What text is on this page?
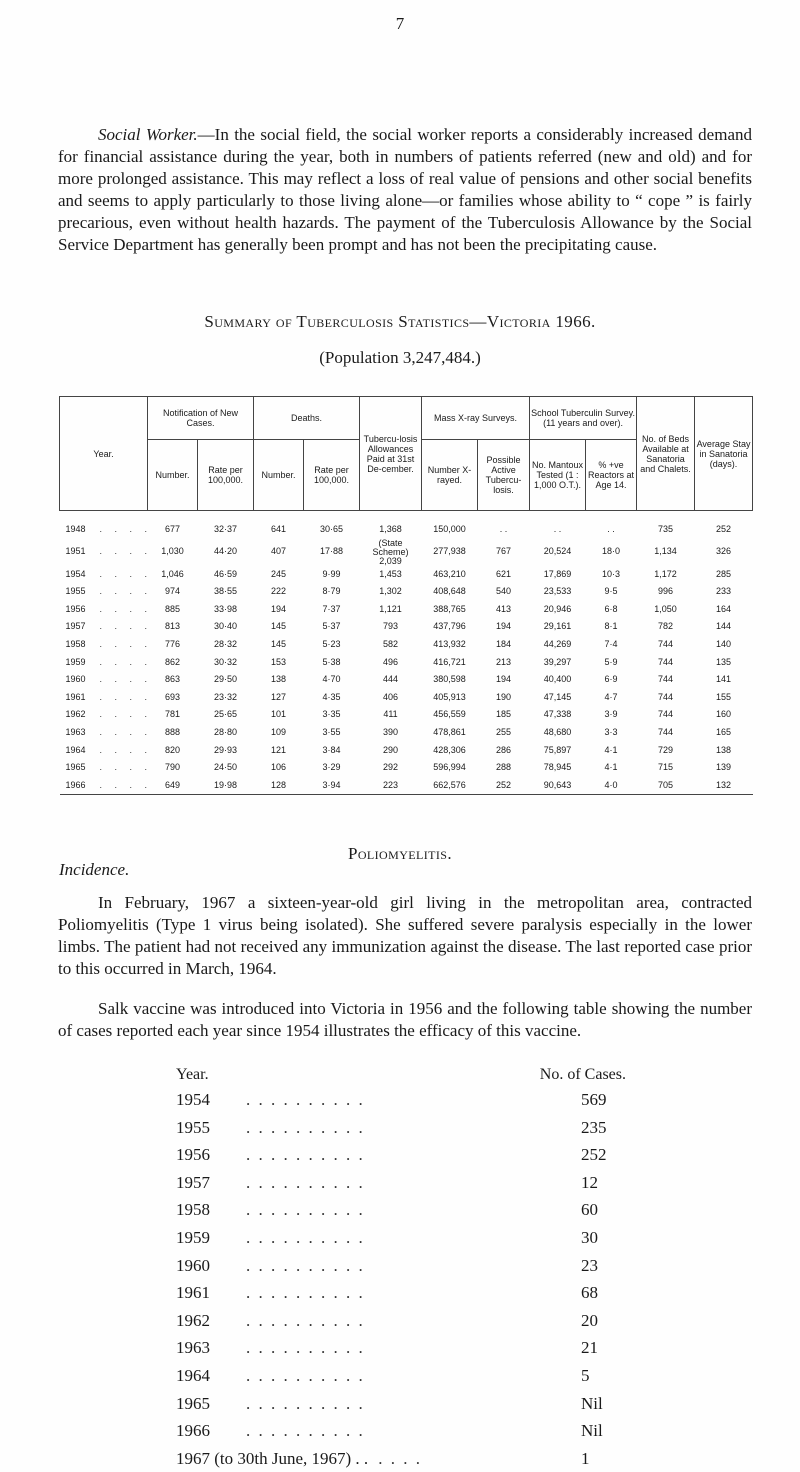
7

Social Worker.—In the social field, the social worker reports a considerably increased demand for financial assistance during the year, both in numbers of patients referred (new and old) and for more prolonged assistance. This may reflect a loss of real value of pensions and other social benefits and seems to apply particularly to those living alone—or families whose ability to “ cope ” is fairly precarious, even without health hazards. The payment of the Tuberculosis Allowance by the Social Service Department has generally been prompt and has not been the precipitating cause.

Summary of Tuberculosis Statistics—Victoria 1966.
(Population 3,247,484.)
Year.	Notification of New Cases.		Deaths.		Tubercu-losis Allowances Paid at 31st De-cember.	Mass X-ray Surveys.		School Tuberculin Survey. (11 years and over).		No. of Beds Available at Sanatoria and Chalets.	Average Stay in Sanatoria (days).
	Number.	Rate per 100,000.	Number.	Rate per 100,000.		Number X-rayed.	Possible Active Tubercu-losis.	No. Mantoux Tested (1 : 1,000 O.T.).	% +ve Reactors at Age 14.		
1948 . . . .	677	32·37	641	30·65	1,368	150,000	. .	. .	. .	735	252
1951 . . . .	1,030	44·20	407	17·88	(State Scheme) 2,039	277,938	767	20,524	18·0	1,134	326
1954 . . . .	1,046	46·59	245	9·99	1,453	463,210	621	17,869	10·3	1,172	285
1955 . . . .	974	38·55	222	8·79	1,302	408,648	540	23,533	9·5	996	233
1956 . . . .	885	33·98	194	7·37	1,121	388,765	413	20,946	6·8	1,050	164
1957 . . . .	813	30·40	145	5·37	793	437,796	194	29,161	8·1	782	144
1958 . . . .	776	28·32	145	5·23	582	413,932	184	44,269	7·4	744	140
1959 . . . .	862	30·32	153	5·38	496	416,721	213	39,297	5·9	744	135
1960 . . . .	863	29·50	138	4·70	444	380,598	194	40,400	6·9	744	141
1961 . . . .	693	23·32	127	4·35	406	405,913	190	47,145	4·7	744	155
1962 . . . .	781	25·65	101	3·35	411	456,559	185	47,338	3·9	744	160
1963 . . . .	888	28·80	109	3·55	390	478,861	255	48,680	3·3	744	165
1964 . . . .	820	29·93	121	3·84	290	428,306	286	75,897	4·1	729	138
1965 . . . .	790	24·50	106	3·29	292	596,994	288	78,945	4·1	715	139
1966 . . . .	649	19·98	128	3·94	223	662,576	252	90,643	4·0	705	132
Poliomyelitis.

Incidence.

In February, 1967 a sixteen-year-old girl living in the metropolitan area, contracted Poliomyelitis (Type 1 virus being isolated). She suffered severe paralysis especially in the lower limbs. The patient had not received any immunization against the disease. The last reported case prior to this occurred in March, 1964.

Salk vaccine was introduced into Victoria in 1956 and the following table showing the number of cases reported each year since 1954 illustrates the efficacy of this vaccine.

Year.	No. of Cases.
1954	. . . . . . . . . .	569
1955	. . . . . . . . . .	235
1956	. . . . . . . . . .	252
1957	. . . . . . . . . .	12
1958	. . . . . . . . . .	60
1959	. . . . . . . . . .	30
1960	. . . . . . . . . .	23
1961	. . . . . . . . . .	68
1962	. . . . . . . . . .	20
1963	. . . . . . . . . .	21
1964	. . . . . . . . . .	5
1965	. . . . . . . . . .	Nil
1966	. . . . . . . . . .	Nil
1967 (to 30th June, 1967) . . . . . .	1
